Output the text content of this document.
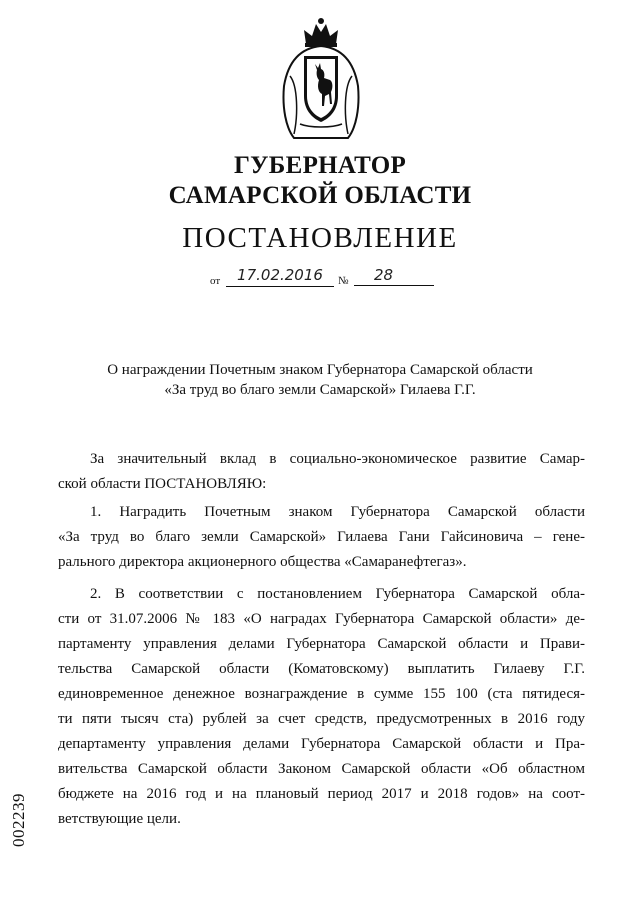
ГУБЕРНАТОР
САМАРСКОЙ ОБЛАСТИ
ПОСТАНОВЛЕНИЕ
от	17.02.2016	№	28
О награждении Почетным знаком Губернатора Самарской области
«За труд во благо земли Самарской» Гилаева Г.Г.
За значительный вклад в социально-экономическое развитие Самар-
ской области ПОСТАНОВЛЯЮ:
1. Наградить Почетным знаком Губернатора Самарской области
«За труд во благо земли Самарской» Гилаева Гани Гайсиновича – гене-
рального директора акционерного общества «Самаранефтегаз».
2. В соответствии с постановлением Губернатора Самарской обла-
сти от 31.07.2006 № 183 «О наградах Губернатора Самарской области» де-
партаменту управления делами Губернатора Самарской области и Прави-
тельства Самарской области (Коматовскому) выплатить Гилаеву Г.Г.
единовременное денежное вознаграждение в сумме 155 100 (ста пятидеся-
ти пяти тысяч ста) рублей за счет средств, предусмотренных в 2016 году
департаменту управления делами Губернатора Самарской области и Пра-
вительства Самарской области Законом Самарской области «Об областном
бюджете на 2016 год и на плановый период 2017 и 2018 годов» на соот-
ветствующие цели.
002239
